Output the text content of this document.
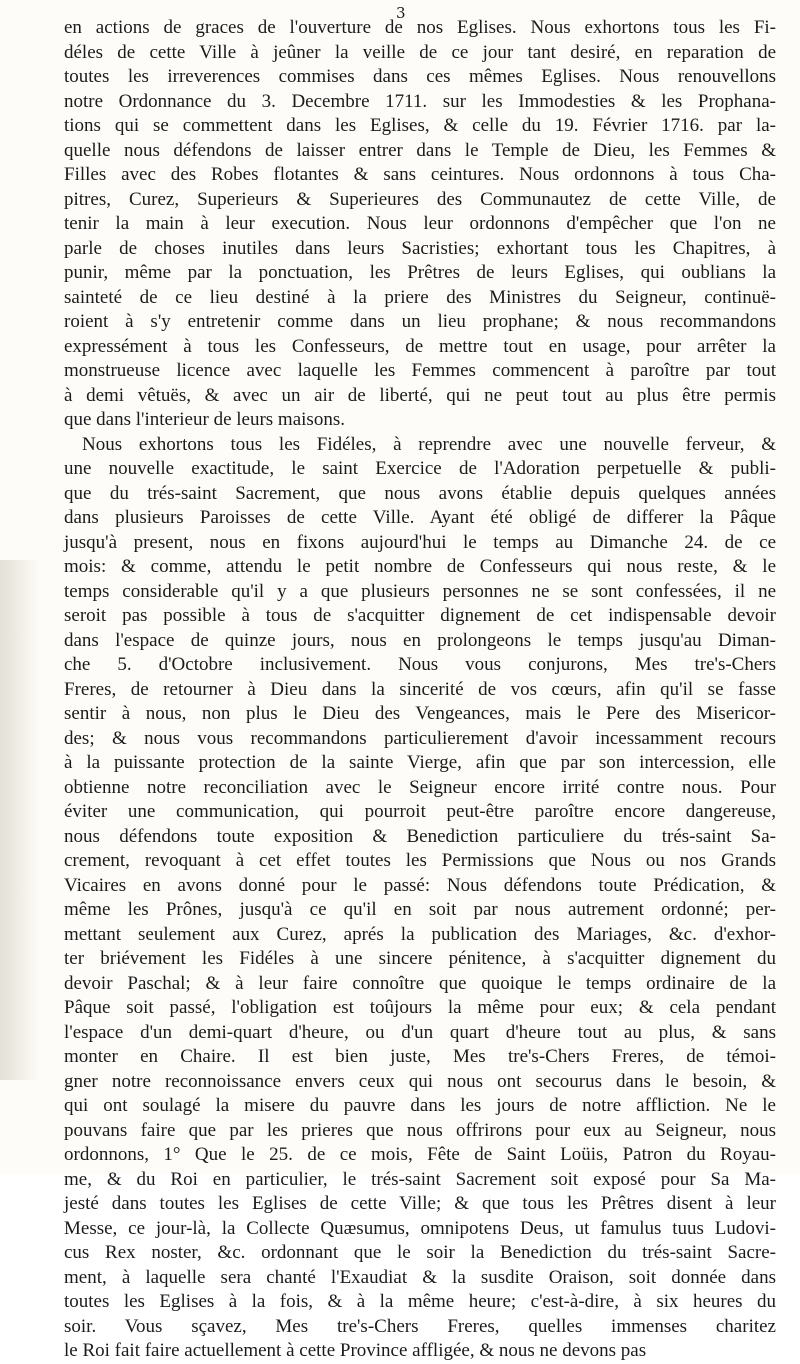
3
en actions de graces de l'ouverture de nos Eglises. Nous exhortons tous les Fi-
déles de cette Ville à jeûner la veille de ce jour tant desiré, en reparation de
toutes les irreverences commises dans ces mêmes Eglises. Nous renouvellons
notre Ordonnance du 3. Decembre 1711. sur les Immodesties & les Prophana-
tions qui se commettent dans les Eglises, & celle du 19. Février 1716. par la-
quelle nous défendons de laisser entrer dans le Temple de Dieu, les Femmes &
Filles avec des Robes flotantes & sans ceintures. Nous ordonnons à tous Cha-
pitres, Curez, Superieurs & Superieures des Communautez de cette Ville, de
tenir la main à leur execution. Nous leur ordonnons d'empêcher que l'on ne
parle de choses inutiles dans leurs Sacristies; exhortant tous les Chapitres, à
punir, même par la ponctuation, les Prêtres de leurs Eglises, qui oublians la
sainteté de ce lieu destiné à la priere des Ministres du Seigneur, continuë-
roient à s'y entretenir comme dans un lieu prophane; & nous recommandons
expressément à tous les Confesseurs, de mettre tout en usage, pour arrêter la
monstrueuse licence avec laquelle les Femmes commencent à paroître par tout
à demi vêtuës, & avec un air de liberté, qui ne peut tout au plus être permis
que dans l'interieur de leurs maisons.
Nous exhortons tous les Fidéles, à reprendre avec une nouvelle ferveur, &
une nouvelle exactitude, le saint Exercice de l'Adoration perpetuelle & publi-
que du trés-saint Sacrement, que nous avons établie depuis quelques années
dans plusieurs Paroisses de cette Ville. Ayant été obligé de differer la Pâque
jusqu'à present, nous en fixons aujourd'hui le temps au Dimanche 24. de ce
mois: & comme, attendu le petit nombre de Confesseurs qui nous reste, & le
temps considerable qu'il y a que plusieurs personnes ne se sont confessées, il ne
seroit pas possible à tous de s'acquitter dignement de cet indispensable devoir
dans l'espace de quinze jours, nous en prolongeons le temps jusqu'au Diman-
che 5. d'Octobre inclusivement. Nous vous conjurons, Mes tre's-Chers
Freres, de retourner à Dieu dans la sincerité de vos cœurs, afin qu'il se fasse
sentir à nous, non plus le Dieu des Vengeances, mais le Pere des Misericor-
des; & nous vous recommandons particulierement d'avoir incessamment recours
à la puissante protection de la sainte Vierge, afin que par son intercession, elle
obtienne notre reconciliation avec le Seigneur encore irrité contre nous. Pour
éviter une communication, qui pourroit peut-être paroître encore dangereuse,
nous défendons toute exposition & Benediction particuliere du trés-saint Sa-
crement, revoquant à cet effet toutes les Permissions que Nous ou nos Grands
Vicaires en avons donné pour le passé: Nous défendons toute Prédication, &
même les Prônes, jusqu'à ce qu'il en soit par nous autrement ordonné; per-
mettant seulement aux Curez, aprés la publication des Mariages, &c. d'exhor-
ter briévement les Fidéles à une sincere pénitence, à s'acquitter dignement du
devoir Paschal; & à leur faire connoître que quoique le temps ordinaire de la
Pâque soit passé, l'obligation est toûjours la même pour eux; & cela pendant
l'espace d'un demi-quart d'heure, ou d'un quart d'heure tout au plus, & sans
monter en Chaire. Il est bien juste, Mes tre's-Chers Freres, de témoi-
gner notre reconnoissance envers ceux qui nous ont secourus dans le besoin, &
qui ont soulagé la misere du pauvre dans les jours de notre affliction. Ne le
pouvans faire que par les prieres que nous offrirons pour eux au Seigneur, nous
ordonnons, 1° Que le 25. de ce mois, Fête de Saint Loüis, Patron du Royau-
me, & du Roi en particulier, le trés-saint Sacrement soit exposé pour Sa Ma-
jesté dans toutes les Eglises de cette Ville; & que tous les Prêtres disent à leur
Messe, ce jour-là, la Collecte Quæsumus, omnipotens Deus, ut famulus tuus Ludovi-
cus Rex noster, &c. ordonnant que le soir la Benediction du trés-saint Sacre-
ment, à laquelle sera chanté l'Exaudiat & la susdite Oraison, soit donnée dans
toutes les Eglises à la fois, & à la même heure; c'est-à-dire, à six heures du
soir. Vous sçavez, Mes tre's-Chers Freres, quelles immenses charitez
le Roi fait faire actuellement à cette Province affligée, & nous ne devons pas
